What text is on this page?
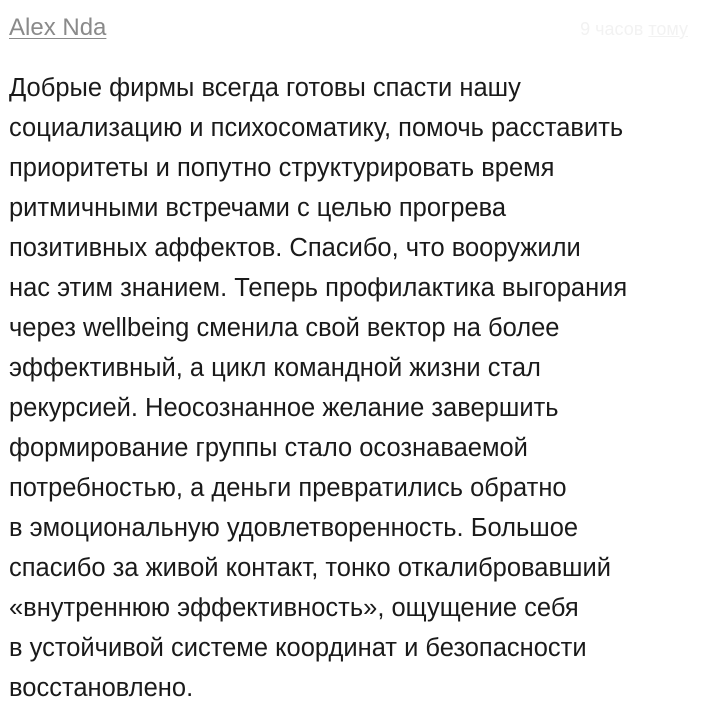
Alex Nda	9 часов тому
Добрые фирмы всегда готовы спасти нашу
социализацию и психосоматику, помочь расставить
приоритеты и попутно структурировать время
ритмичными встречами с целью прогрева
позитивных аффектов. Спасибо, что вооружили
нас этим знанием. Теперь профилактика выгорания
через wellbeing сменила свой вектор на более
эффективный, а цикл командной жизни стал
рекурсией. Неосознанное желание завершить
формирование группы стало осознаваемой
потребностью, а деньги превратились обратно
в эмоциональную удовлетворенность. Большое
спасибо за живой контакт, тонко откалибровавший
«внутреннюю эффективность», ощущение себя
в устойчивой системе координат и безопасности
восстановлено.
